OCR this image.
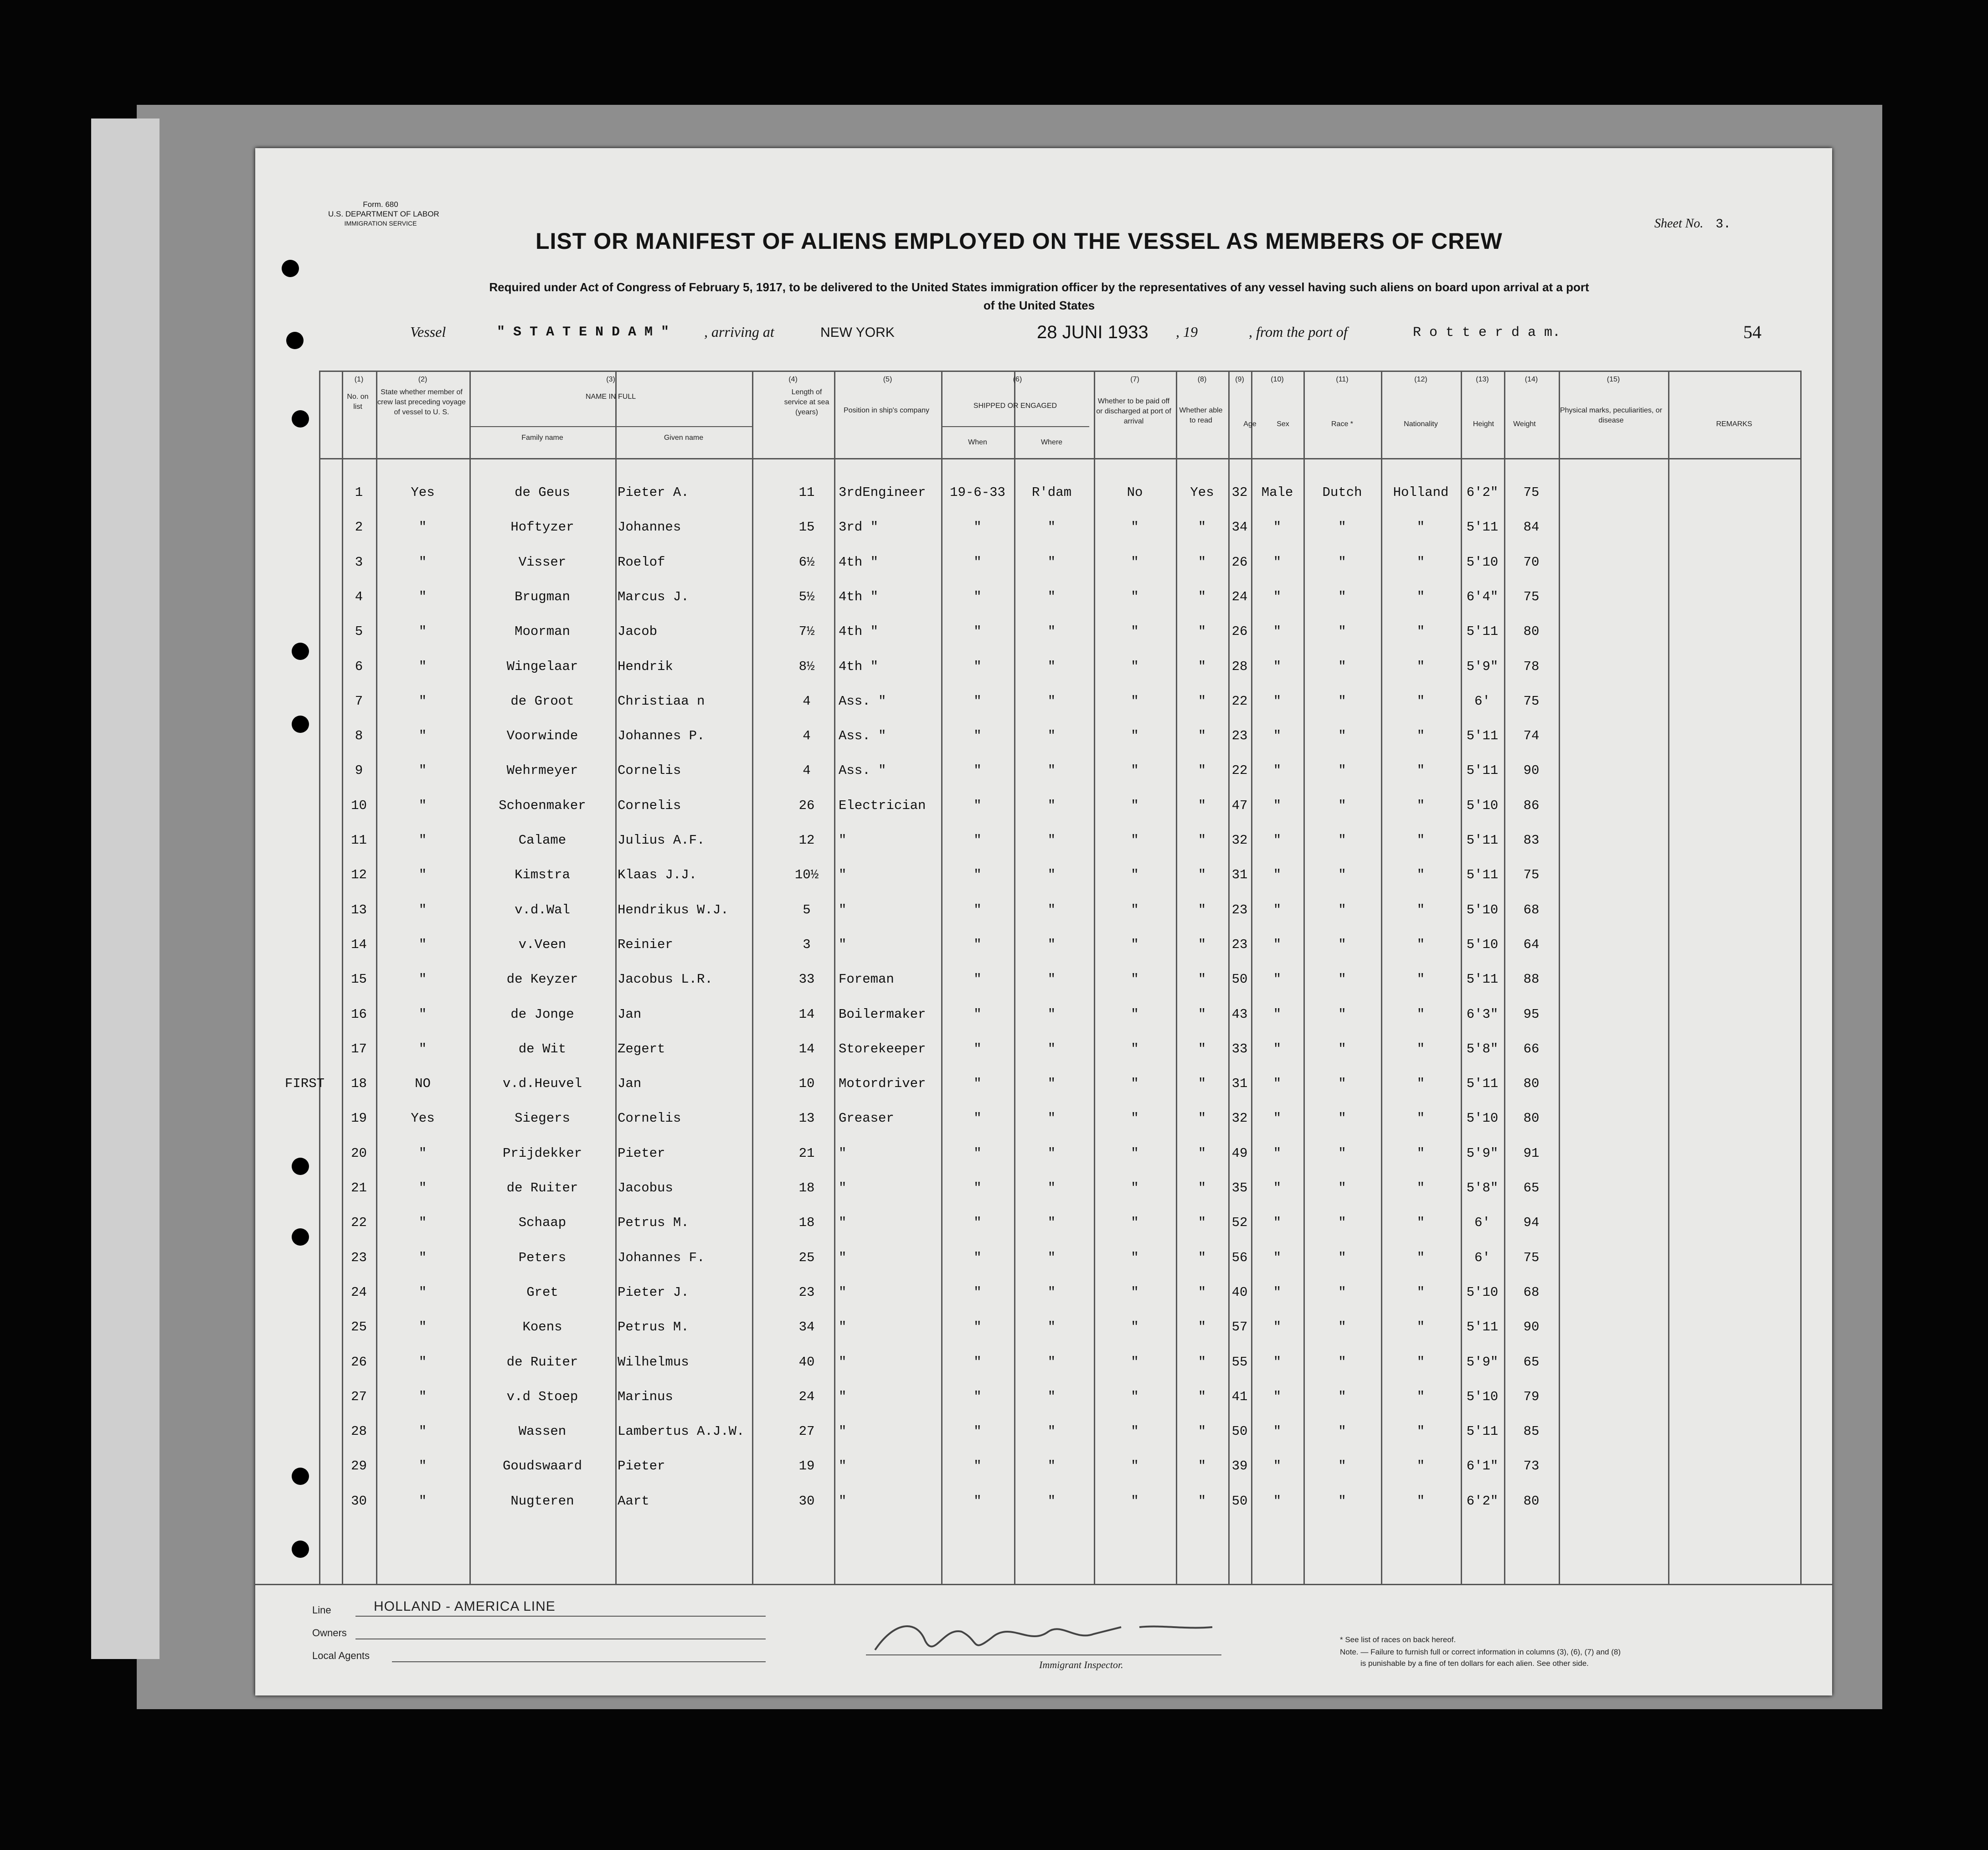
Form. 680
U.S. DEPARTMENT OF LABOR
IMMIGRATION SERVICE	Sheet No. 3.
LIST OR MANIFEST OF ALIENS EMPLOYED ON THE VESSEL AS MEMBERS OF CREW
Required under Act of Congress of February 5, 1917, to be delivered to the United States immigration officer by the representatives of any vessel having such aliens on board upon arrival at a port
of the United States
54
Vessel	" S T A T E N D A M " , arriving at	NEW YORK	28 JUNI 1933 , 19	, from the port of	R o t t e r d a m.
(1)	(2)	(3)	(4)	(5)	(6)	(7)	(8)	(9)	(10)	(11)	(12)	(13)	(14)	(15)
No. on list
State whether member of crew last preceding voyage of vessel to U. S.
NAME IN FULL
Family name	Given name
Length of service at sea (years)	Position in ship's company
SHIPPED OR ENGAGED
When	Where
Whether to be paid off or discharged at port of arrival
Whether able to read	Age	Sex	Race *	Nationality	Height	Weight
Physical marks, peculiarities, or disease	REMARKS
1	Yes	de Geus	Pieter A.	11	3rdEngineer	19-6-33	R'dam	No	Yes	32	Male	Dutch	Holland	6'2"	75
2	"	Hoftyzer	Johannes	15	3rd "	"	"	"	"	34	"	"	"	5'11	84
3	"	Visser	Roelof	6½	4th "	"	"	"	"	26	"	"	"	5'10	70
4	"	Brugman	Marcus J.	5½	4th "	"	"	"	"	24	"	"	"	6'4"	75
5	"	Moorman	Jacob	7½	4th "	"	"	"	"	26	"	"	"	5'11	80
6	"	Wingelaar	Hendrik	8½	4th "	"	"	"	"	28	"	"	"	5'9"	78
7	"	de Groot	Christiaa n	4	Ass. "	"	"	"	"	22	"	"	"	6'	75
8	"	Voorwinde	Johannes P.	4	Ass. "	"	"	"	"	23	"	"	"	5'11	74
9	"	Wehrmeyer	Cornelis	4	Ass. "	"	"	"	"	22	"	"	"	5'11	90
10	"	Schoenmaker	Cornelis	26	Electrician	"	"	"	"	47	"	"	"	5'10	86
11	"	Calame	Julius A.F.	12	"	"	"	"	"	32	"	"	"	5'11	83
12	"	Kimstra	Klaas J.J.	10½	"	"	"	"	"	31	"	"	"	5'11	75
13	"	v.d.Wal	Hendrikus W.J.	5	"	"	"	"	"	23	"	"	"	5'10	68
14	"	v.Veen	Reinier	3	"	"	"	"	"	23	"	"	"	5'10	64
15	"	de Keyzer	Jacobus L.R.	33	Foreman	"	"	"	"	50	"	"	"	5'11	88
16	"	de Jonge	Jan	14	Boilermaker	"	"	"	"	43	"	"	"	6'3"	95
17	"	de Wit	Zegert	14	Storekeeper	"	"	"	"	33	"	"	"	5'8"	66
18	NO	v.d.Heuvel	Jan	10	Motordriver	"	"	"	"	31	"	"	"	5'11	80
FIRST
19	Yes	Siegers	Cornelis	13	Greaser	"	"	"	"	32	"	"	"	5'10	80
20	"	Prijdekker	Pieter	21	"	"	"	"	"	49	"	"	"	5'9"	91
21	"	de Ruiter	Jacobus	18	"	"	"	"	"	35	"	"	"	5'8"	65
22	"	Schaap	Petrus M.	18	"	"	"	"	"	52	"	"	"	6'	94
23	"	Peters	Johannes F.	25	"	"	"	"	"	56	"	"	"	6'	75
24	"	Gret	Pieter J.	23	"	"	"	"	"	40	"	"	"	5'10	68
25	"	Koens	Petrus M.	34	"	"	"	"	"	57	"	"	"	5'11	90
26	"	de Ruiter	Wilhelmus	40	"	"	"	"	"	55	"	"	"	5'9"	65
27	"	v.d Stoep	Marinus	24	"	"	"	"	"	41	"	"	"	5'10	79
28	"	Wassen	Lambertus A.J.W.	27	"	"	"	"	"	50	"	"	"	5'11	85
29	"	Goudswaard	Pieter	19	"	"	"	"	"	39	"	"	"	6'1"	73
30	"	Nugteren	Aart	30	"	"	"	"	"	50	"	"	"	6'2"	80
Line	HOLLAND - AMERICA LINE
Owners
Local Agents
Immigrant Inspector.
* See list of races on back hereof.
Note. — Failure to furnish full or correct information in columns (3), (6), (7) and (8)
is punishable by a fine of ten dollars for each alien. See other side.
